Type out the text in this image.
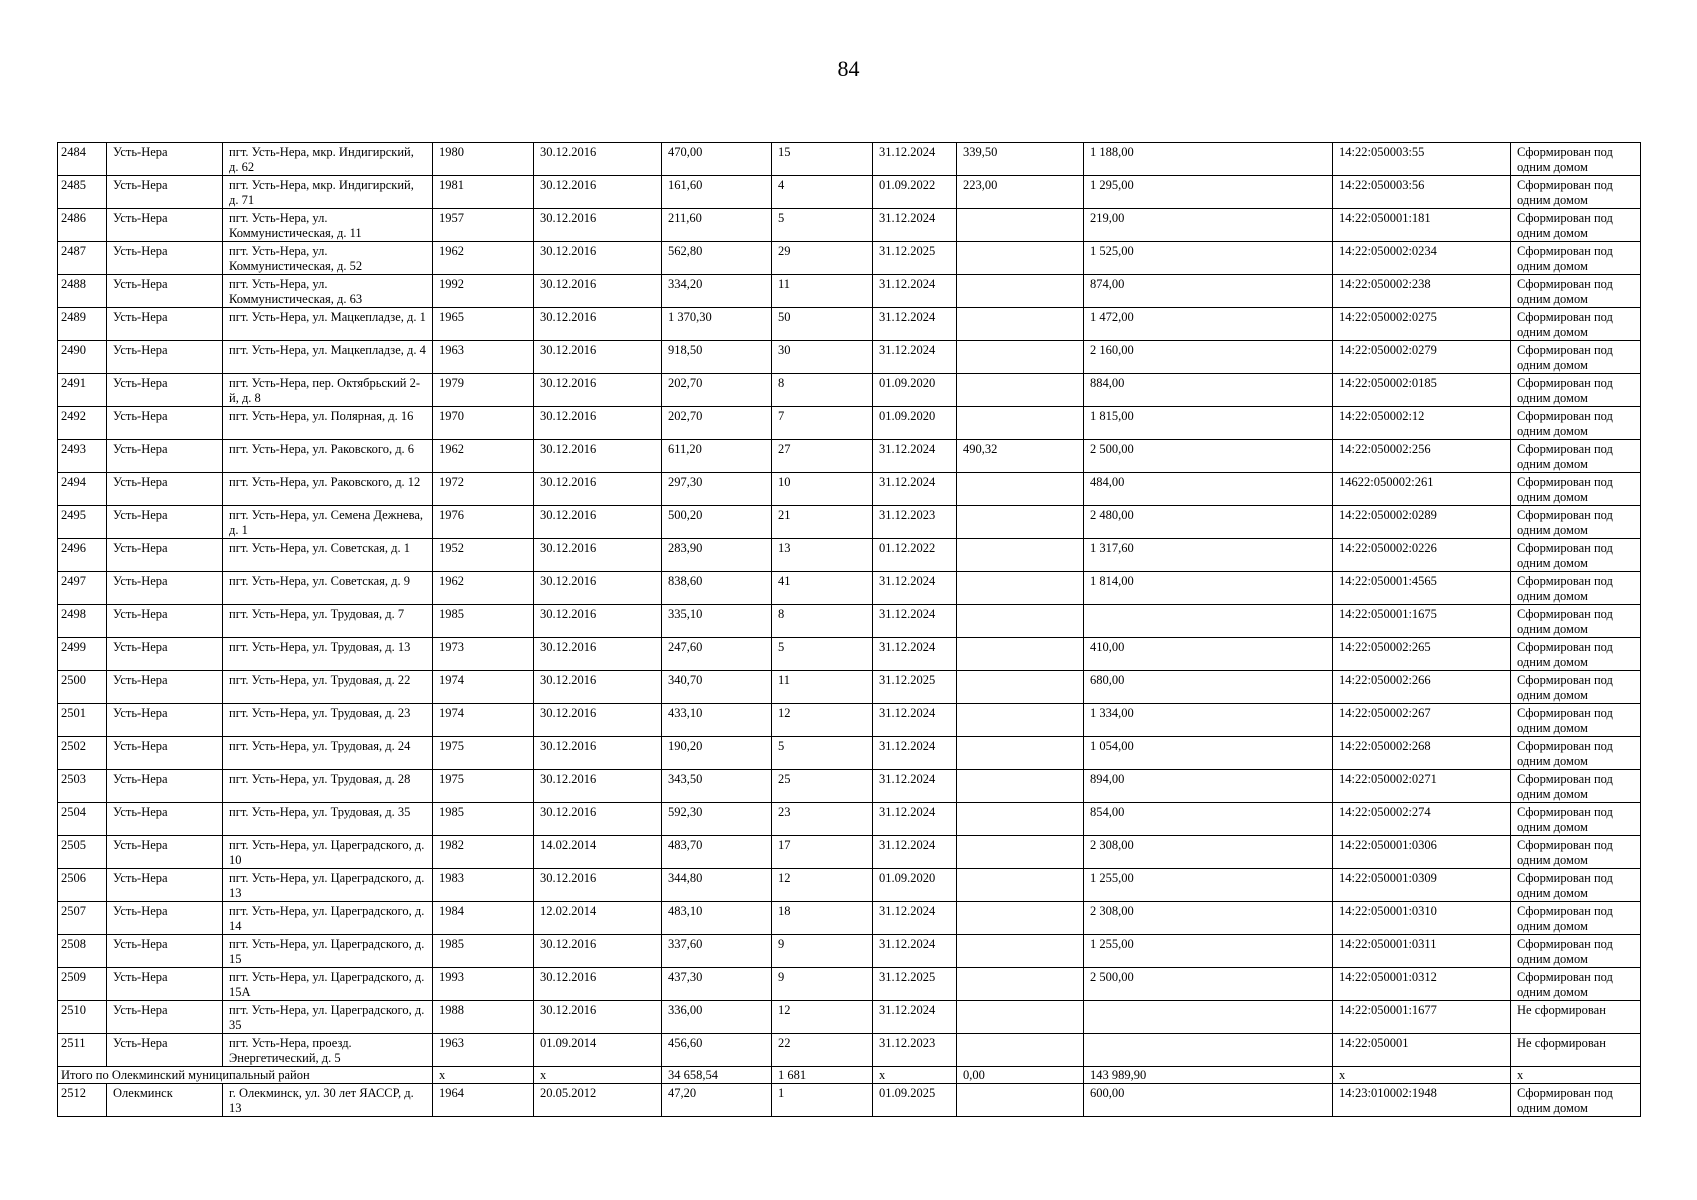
84
2484	Усть-Нера	пгт. Усть-Нера, мкр. Индигирский, д. 62	1980	30.12.2016	470,00	15	31.12.2024	339,50	1 188,00	14:22:050003:55	Сформирован под одним домом
2485	Усть-Нера	пгт. Усть-Нера, мкр. Индигирский, д. 71	1981	30.12.2016	161,60	4	01.09.2022	223,00	1 295,00	14:22:050003:56	Сформирован под одним домом
2486	Усть-Нера	пгт. Усть-Нера, ул. Коммунистическая, д. 11	1957	30.12.2016	211,60	5	31.12.2024		219,00	14:22:050001:181	Сформирован под одним домом
2487	Усть-Нера	пгт. Усть-Нера, ул. Коммунистическая, д. 52	1962	30.12.2016	562,80	29	31.12.2025		1 525,00	14:22:050002:0234	Сформирован под одним домом
2488	Усть-Нера	пгт. Усть-Нера, ул. Коммунистическая, д. 63	1992	30.12.2016	334,20	11	31.12.2024		874,00	14:22:050002:238	Сформирован под одним домом
2489	Усть-Нера	пгт. Усть-Нера, ул. Мацкепладзе, д. 1	1965	30.12.2016	1 370,30	50	31.12.2024		1 472,00	14:22:050002:0275	Сформирован под одним домом
2490	Усть-Нера	пгт. Усть-Нера, ул. Мацкепладзе, д. 4	1963	30.12.2016	918,50	30	31.12.2024		2 160,00	14:22:050002:0279	Сформирован под одним домом
2491	Усть-Нера	пгт. Усть-Нера, пер. Октябрьский 2-й, д. 8	1979	30.12.2016	202,70	8	01.09.2020		884,00	14:22:050002:0185	Сформирован под одним домом
2492	Усть-Нера	пгт. Усть-Нера, ул. Полярная, д. 16	1970	30.12.2016	202,70	7	01.09.2020		1 815,00	14:22:050002:12	Сформирован под одним домом
2493	Усть-Нера	пгт. Усть-Нера, ул. Раковского, д. 6	1962	30.12.2016	611,20	27	31.12.2024	490,32	2 500,00	14:22:050002:256	Сформирован под одним домом
2494	Усть-Нера	пгт. Усть-Нера, ул. Раковского, д. 12	1972	30.12.2016	297,30	10	31.12.2024		484,00	14622:050002:261	Сформирован под одним домом
2495	Усть-Нера	пгт. Усть-Нера, ул. Семена Дежнева, д. 1	1976	30.12.2016	500,20	21	31.12.2023		2 480,00	14:22:050002:0289	Сформирован под одним домом
2496	Усть-Нера	пгт. Усть-Нера, ул. Советская, д. 1	1952	30.12.2016	283,90	13	01.12.2022		1 317,60	14:22:050002:0226	Сформирован под одним домом
2497	Усть-Нера	пгт. Усть-Нера, ул. Советская, д. 9	1962	30.12.2016	838,60	41	31.12.2024		1 814,00	14:22:050001:4565	Сформирован под одним домом
2498	Усть-Нера	пгт. Усть-Нера, ул. Трудовая, д. 7	1985	30.12.2016	335,10	8	31.12.2024			14:22:050001:1675	Сформирован под одним домом
2499	Усть-Нера	пгт. Усть-Нера, ул. Трудовая, д. 13	1973	30.12.2016	247,60	5	31.12.2024		410,00	14:22:050002:265	Сформирован под одним домом
2500	Усть-Нера	пгт. Усть-Нера, ул. Трудовая, д. 22	1974	30.12.2016	340,70	11	31.12.2025		680,00	14:22:050002:266	Сформирован под одним домом
2501	Усть-Нера	пгт. Усть-Нера, ул. Трудовая, д. 23	1974	30.12.2016	433,10	12	31.12.2024		1 334,00	14:22:050002:267	Сформирован под одним домом
2502	Усть-Нера	пгт. Усть-Нера, ул. Трудовая, д. 24	1975	30.12.2016	190,20	5	31.12.2024		1 054,00	14:22:050002:268	Сформирован под одним домом
2503	Усть-Нера	пгт. Усть-Нера, ул. Трудовая, д. 28	1975	30.12.2016	343,50	25	31.12.2024		894,00	14:22:050002:0271	Сформирован под одним домом
2504	Усть-Нера	пгт. Усть-Нера, ул. Трудовая, д. 35	1985	30.12.2016	592,30	23	31.12.2024		854,00	14:22:050002:274	Сформирован под одним домом
2505	Усть-Нера	пгт. Усть-Нера, ул. Цареградского, д. 10	1982	14.02.2014	483,70	17	31.12.2024		2 308,00	14:22:050001:0306	Сформирован под одним домом
2506	Усть-Нера	пгт. Усть-Нера, ул. Цареградского, д. 13	1983	30.12.2016	344,80	12	01.09.2020		1 255,00	14:22:050001:0309	Сформирован под одним домом
2507	Усть-Нера	пгт. Усть-Нера, ул. Цареградского, д. 14	1984	12.02.2014	483,10	18	31.12.2024		2 308,00	14:22:050001:0310	Сформирован под одним домом
2508	Усть-Нера	пгт. Усть-Нера, ул. Цареградского, д. 15	1985	30.12.2016	337,60	9	31.12.2024		1 255,00	14:22:050001:0311	Сформирован под одним домом
2509	Усть-Нера	пгт. Усть-Нера, ул. Цареградского, д. 15А	1993	30.12.2016	437,30	9	31.12.2025		2 500,00	14:22:050001:0312	Сформирован под одним домом
2510	Усть-Нера	пгт. Усть-Нера, ул. Цареградского, д. 35	1988	30.12.2016	336,00	12	31.12.2024			14:22:050001:1677	Не сформирован
2511	Усть-Нера	пгт. Усть-Нера, проезд. Энергетический, д. 5	1963	01.09.2014	456,60	22	31.12.2023			14:22:050001	Не сформирован
Итого по Олекминский муниципальный район			x	x	34 658,54	1 681	x	0,00	143 989,90	x	x
2512	Олекминск	г. Олекминск, ул. 30 лет ЯАССР, д. 13	1964	20.05.2012	47,20	1	01.09.2025		600,00	14:23:010002:1948	Сформирован под одним домом
